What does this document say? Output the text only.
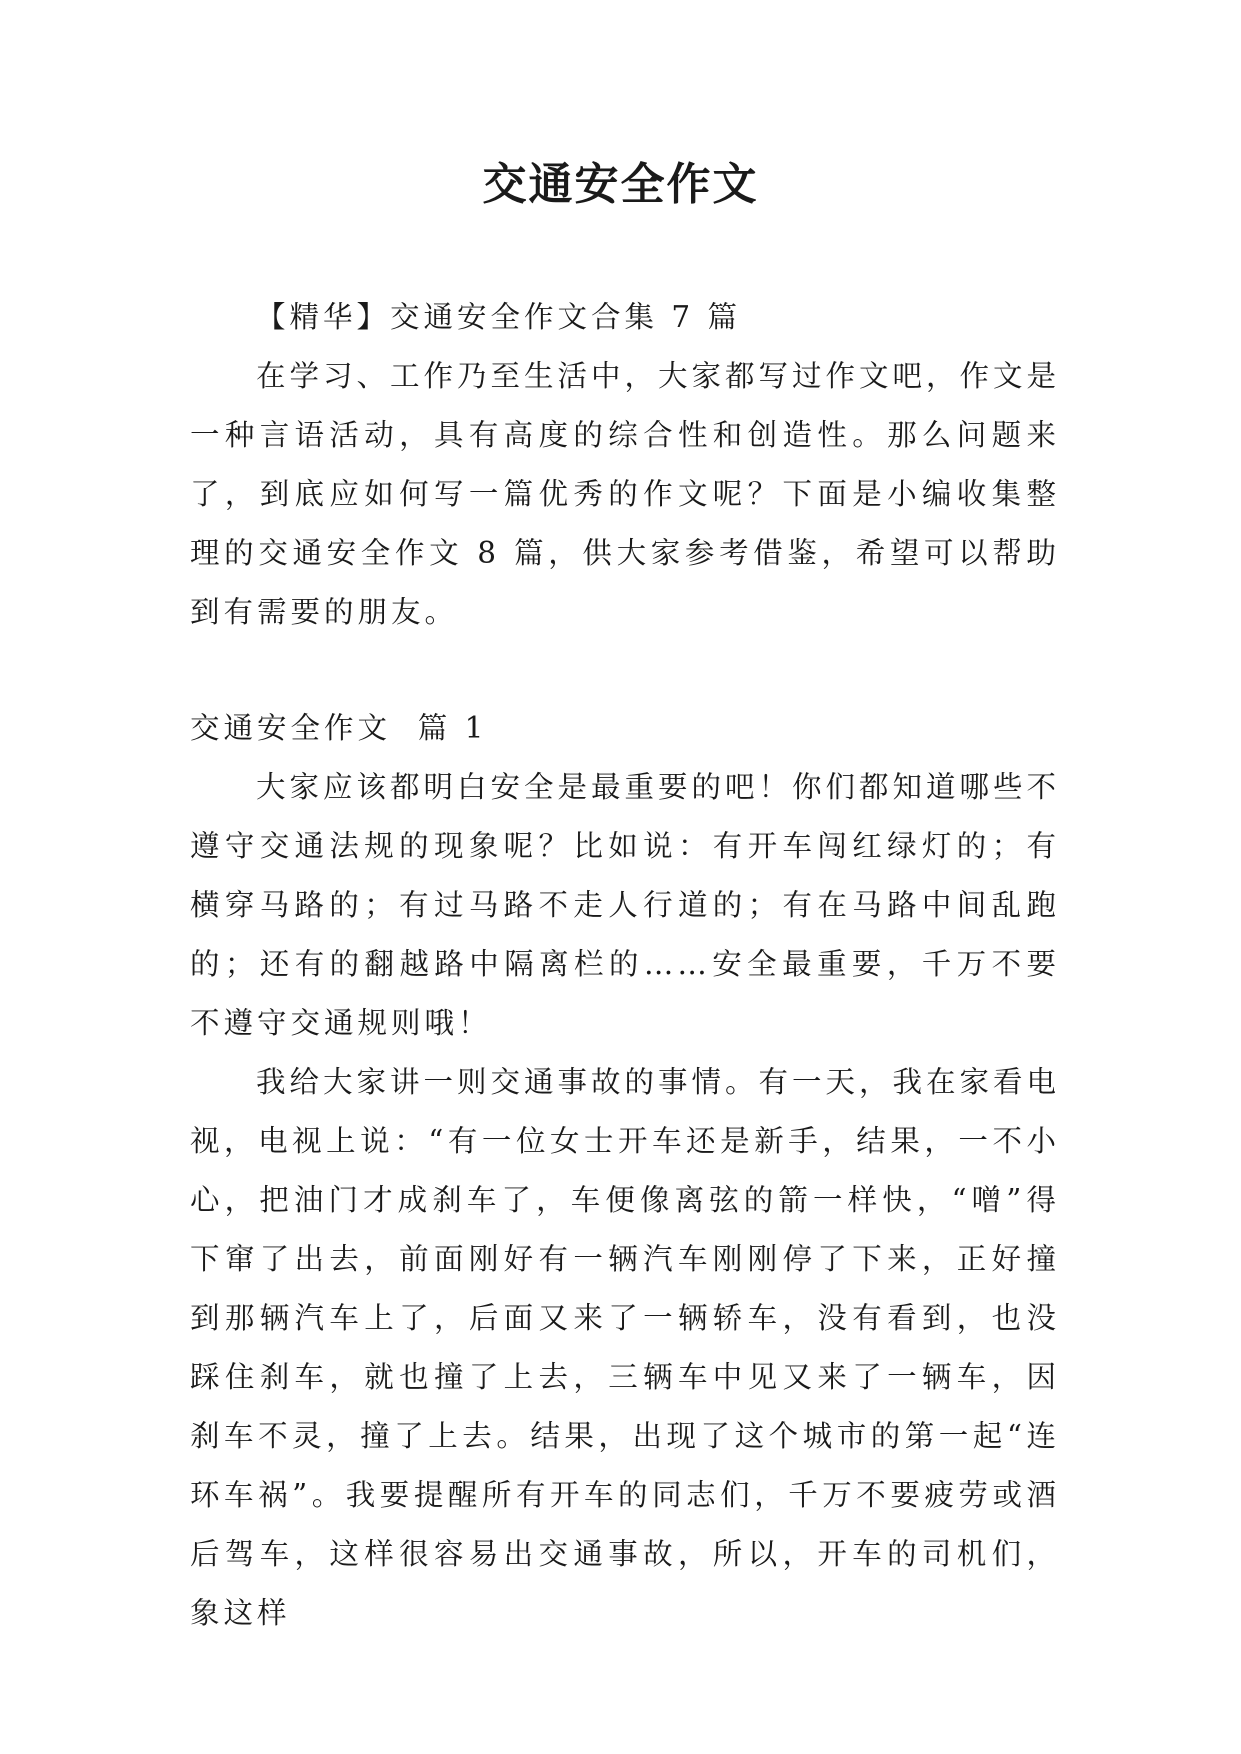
交通安全作文

【精华】交通安全作文合集 7 篇

在学习、工作乃至生活中，大家都写过作文吧，作文是一种言语活动，具有高度的综合性和创造性。那么问题来了，到底应如何写一篇优秀的作文呢？下面是小编收集整理的交通安全作文 8 篇，供大家参考借鉴，希望可以帮助到有需要的朋友。

交通安全作文  篇 1

大家应该都明白安全是最重要的吧！你们都知道哪些不遵守交通法规的现象呢？比如说：有开车闯红绿灯的；有横穿马路的；有过马路不走人行道的；有在马路中间乱跑的；还有的翻越路中隔离栏的……安全最重要，千万不要不遵守交通规则哦！

我给大家讲一则交通事故的事情。有一天，我在家看电视，电视上说：“有一位女士开车还是新手，结果，一不小心，把油门才成刹车了，车便像离弦的箭一样快，“噌”得下窜了出去，前面刚好有一辆汽车刚刚停了下来，正好撞到那辆汽车上了，后面又来了一辆轿车，没有看到，也没踩住刹车，就也撞了上去，三辆车中见又来了一辆车，因刹车不灵，撞了上去。结果，出现了这个城市的第一起“连环车祸”。我要提醒所有开车的同志们，千万不要疲劳或酒后驾车，这样很容易出交通事故，所以，开车的司机们，象这样
